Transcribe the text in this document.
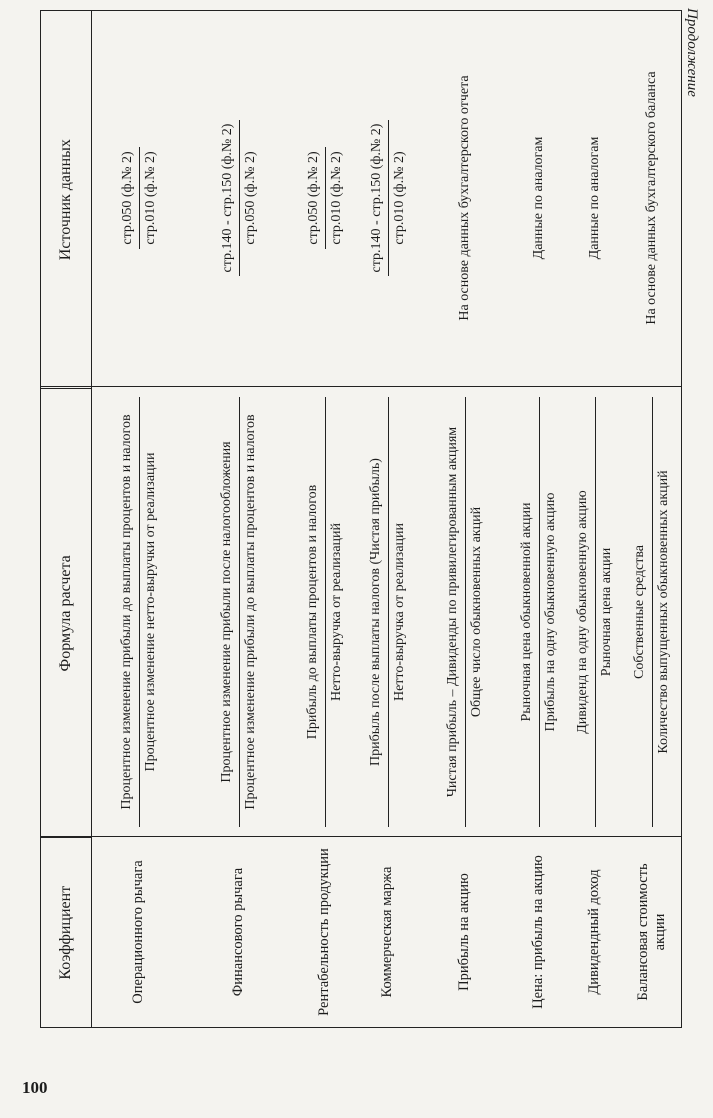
Продолжение
Коэффициент
Формула расчета
Источник данных
Операционного рычага
Процентное изменение прибыли до выплаты процентов и налогов Процентное изменение нетто-выручки от реализации
стр.050 (ф.№ 2) стр.010 (ф.№ 2)
Финансового рычага
Процентное изменение прибыли после налогообложения Процентное изменение прибыли до выплаты процентов и налогов
стр.140 - стр.150 (ф.№ 2) стр.050 (ф.№ 2)
Рентабельность продукции
Прибыль до выплаты процентов и налогов Нетто-выручка от реализаций
стр.050 (ф.№ 2) стр.010 (ф.№ 2)
Коммерческая маржа
Прибыль после выплаты налогов (Чистая прибыль) Нетто-выручка от реализации
стр.140 - стр.150 (ф.№ 2) стр.010 (ф.№ 2)
Прибыль на акцию
Чистая прибыль – Дивиденды по привилегированным акциям Общее число обыкновенных акций
На основе данных бухгалтерского отчета
Цена: прибыль на акцию
Рыночная цена обыкновенной акции Прибыль на одну обыкновенную акцию
Данные по аналогам
Дивидендный доход
Дивиденд на одну обыкновенную акцию Рыночная цена акции
Данные по аналогам
Балансовая стоимость акции
Собственные средства Количество выпущенных обыкновенных акций
На основе данных бухгалтерского баланса
100
